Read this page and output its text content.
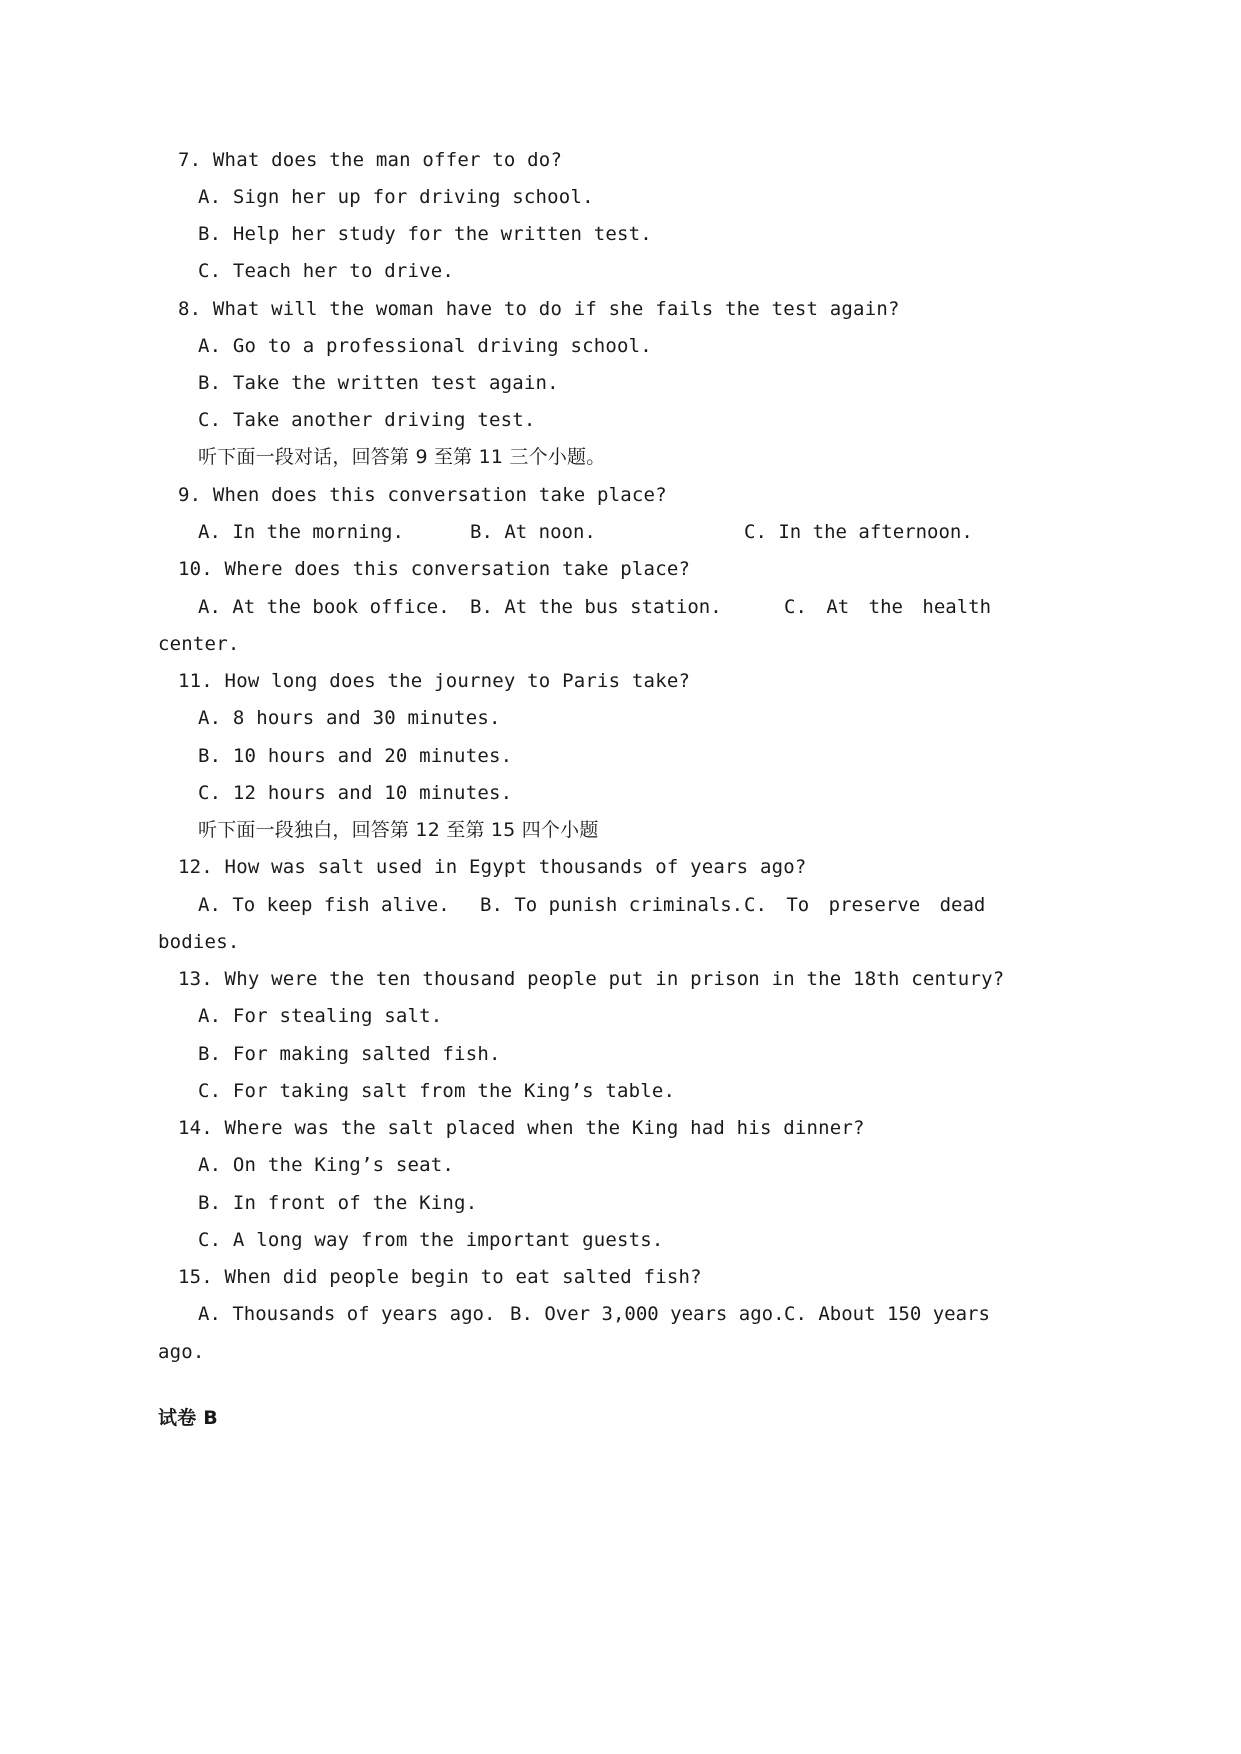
7. What does the man offer to do?
A. Sign her up for driving school.
B. Help her study for the written test.
C. Teach her to drive.
8. What will the woman have to do if she fails the test again?
A. Go to a professional driving school.
B. Take the written test again.
C. Take another driving test.
听下面一段对话，回答第 9 至第 11 三个小题。
9. When does this conversation take place?
A. In the morning.	B. At noon.	C. In the afternoon.
10. Where does this conversation take place?
A. At the book office. B. At the bus station.	C. At the health
center.
11. How long does the journey to Paris take?
A. 8 hours and 30 minutes.
B. 10 hours and 20 minutes.
C. 12 hours and 10 minutes.
听下面一段独白，回答第 12 至第 15 四个小题
12. How was salt used in Egypt thousands of years ago?
A. To keep fish alive. B. To punish criminals. C. To preserve dead
bodies.
13. Why were the ten thousand people put in prison in the 18th century?
A. For stealing salt.
B. For making salted fish.
C. For taking salt from the King’s table.
14. Where was the salt placed when the King had his dinner?
A. On the King’s seat.
B. In front of the King.
C. A long way from the important guests.
15. When did people begin to eat salted fish?
A. Thousands of years ago. B. Over 3,000 years ago. C. About 150 years
ago.
试卷 B
